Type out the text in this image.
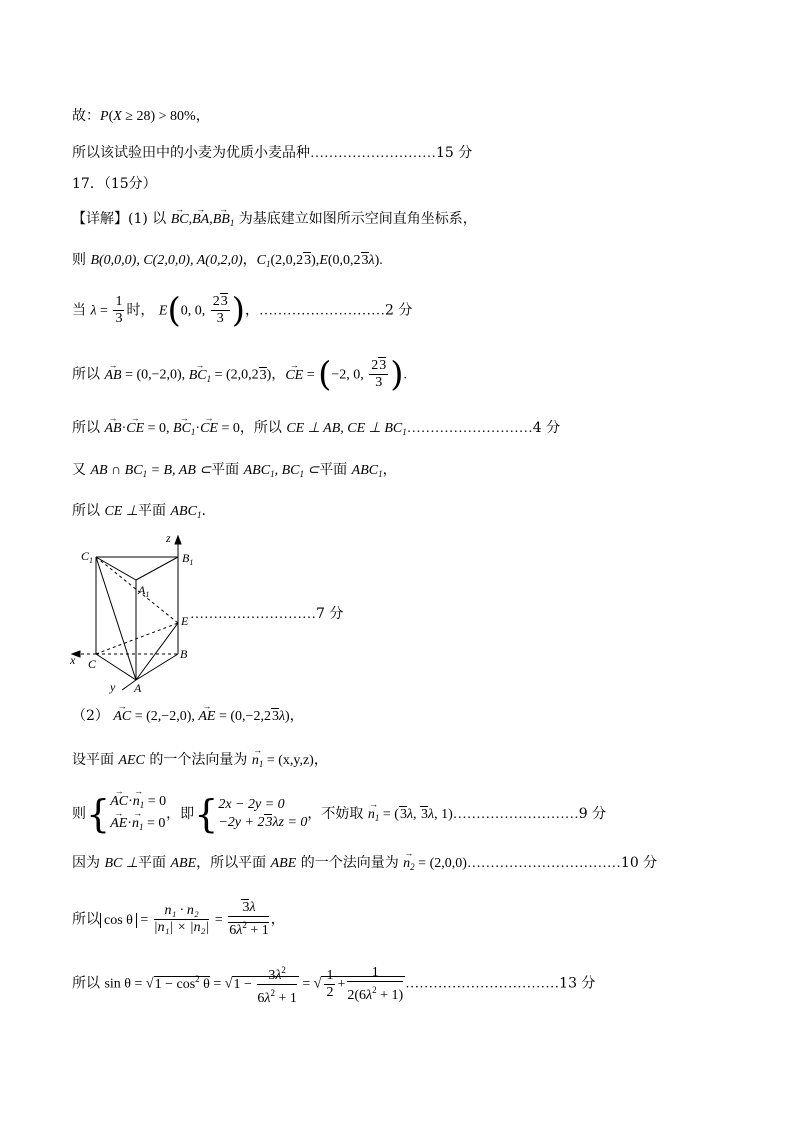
故：P(X ≥ 28) > 80%，
所以该试验田中的小麦为优质小麦品种………………………15 分
17．（15分）
【详解】(1) 以 → $BC,\to BA,\to BB_1$ 为基底建立如图所示空间直角坐标系，
则 B(0,0,0), C(2,0,0), A(0,2,0)，$C_1(2,0,23),E(0,0,23\lambda)$.
当 $\lambda = \frac{1}{3}$ 时， E(0, 0, $\frac{23}{3}$ )，………………………2 分
所以 → AB = (0,−2,0), → $BC_1 = (2,0,23)$，→ CE = (−2, 0, $\frac{23}{3}$ ).
所以 → AB·→ CE = 0, → $BC_1\cdot\to$ CE = 0，所以 CE ⊥ AB, CE ⊥ $BC_1\dots\dots\dots\dots\dots\dots\dots\dots\dots 4$ 分
又 AB ∩ $BC_1 = B$, AB ⊂平面 $ABC_1$, $BC_1$ ⊂平面 $ABC_1$，
所以 CE ⊥平面 $ABC_1$.
z
$C_1$	$B_1$
$A_1$
E
x C
B
y A
………………………7 分
（2） → AC = (2,−2,0), → AE = (0,−2,23λ)，
设平面 AEC 的一个法向量为 → $n_1 = (x,y,z)$，
则{→ $AC\cdot\to n_1 = 0$
→ $AE\cdot\to n_1 = 0$，即{2x − 2y = 0
−2y + 23λz = 0，不妨取 → $n_1 = (3\lambda$, 3λ, 1)………………………9 分
因为 BC ⊥平面 ABE，所以平面 ABE 的一个法向量为 → $n_2$ = (2,0,0)……………………………10 分
所以 $\cos \theta = \frac{\text{n₁ · n₂}}{\text{|n₁| × |n₂|}} = \frac{3\lambda}{6\lambda^2 + 1}$ ，
所以 $\sin \theta = √1 - \cos^2 \theta = √1 - \frac{3\lambda^2}{6\lambda^2 + 1}$ = √ $\frac{1}{2} + \frac{1}{2(6\lambda^2 + 1)}$ ……………………………13 分
